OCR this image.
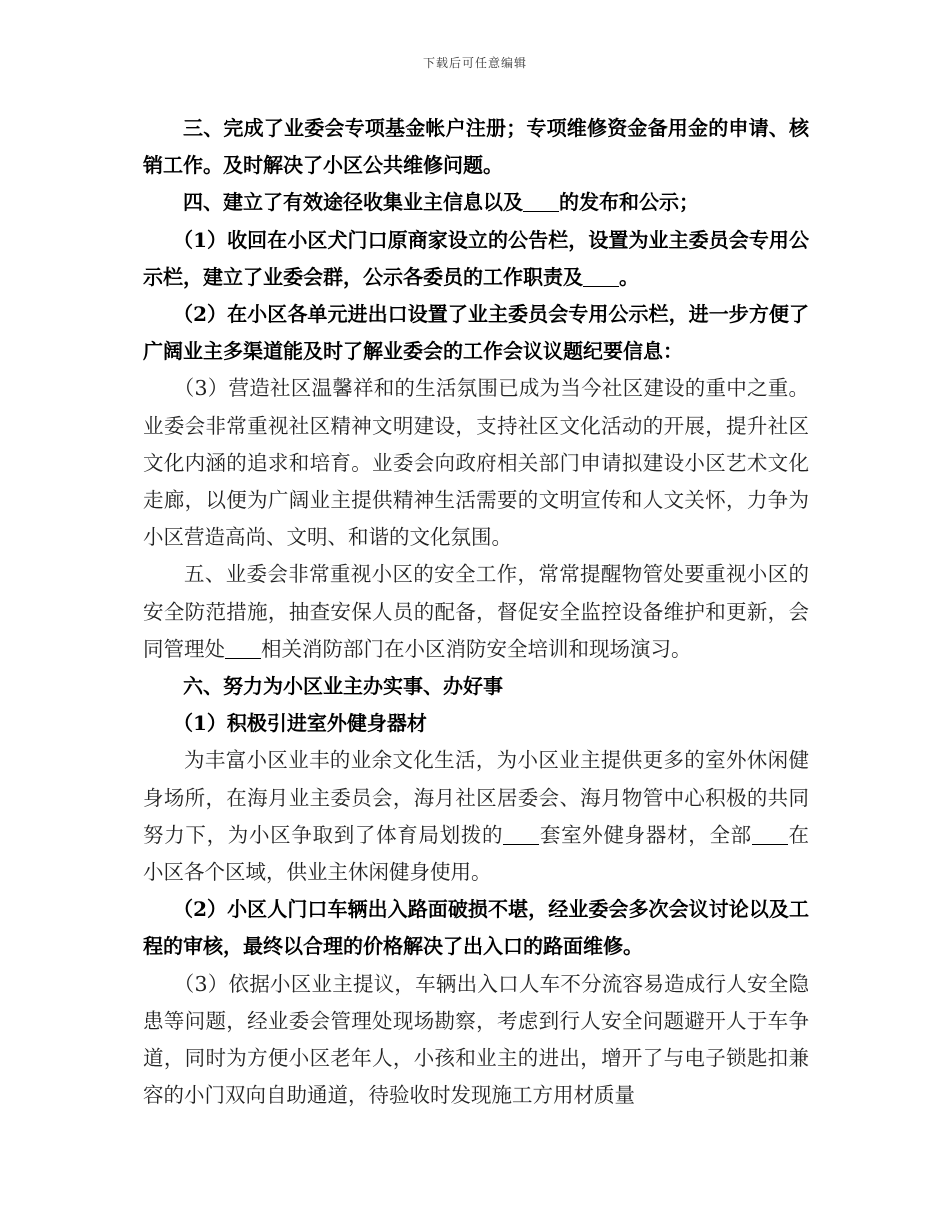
下载后可任意编辑

三、完成了业委会专项基金帐户注册；专项维修资金备用金的申请、核销工作。及时解决了小区公共维修问题。

四、建立了有效途径收集业主信息以及 的发布和公示；

（1）收回在小区犬门口原商家设立的公告栏，设置为业主委员会专用公示栏，建立了业委会群，公示各委员的工作职责及 。

（2）在小区各单元进出口设置了业主委员会专用公示栏，进一步方便了广阔业主多渠道能及时了解业委会的工作会议议题纪要信息：

（3）营造社区温馨祥和的生活氛围已成为当今社区建设的重中之重。业委会非常重视社区精神文明建设，支持社区文化活动的开展，提升社区文化内涵的追求和培育。业委会向政府相关部门申请拟建设小区艺术文化走廊，以便为广阔业主提供精神生活需要的文明宣传和人文关怀，力争为小区营造高尚、文明、和谐的文化氛围。

五、业委会非常重视小区的安全工作，常常提醒物管处要重视小区的安全防范措施，抽查安保人员的配备，督促安全监控设备维护和更新，会同管理处 相关消防部门在小区消防安全培训和现场演习。

六、努力为小区业主办实事、办好事

（1）积极引进室外健身器材

为丰富小区业丰的业余文化生活，为小区业主提供更多的室外休闲健身场所，在海月业主委员会，海月社区居委会、海月物管中心积极的共同努力下，为小区争取到了体育局划拨的 套室外健身器材，全部 在小区各个区域，供业主休闲健身使用。

（2）小区人门口车辆出入路面破损不堪，经业委会多次会议讨论以及工程的审核，最终以合理的价格解决了出入口的路面维修。

（3）依据小区业主提议，车辆出入口人车不分流容易造成行人安全隐患等问题，经业委会管理处现场勘察，考虑到行人安全问题避开人于车争道，同时为方便小区老年人，小孩和业主的进出，增开了与电子锁匙扣兼容的小门双向自助通道，待验收时发现施工方用材质量
